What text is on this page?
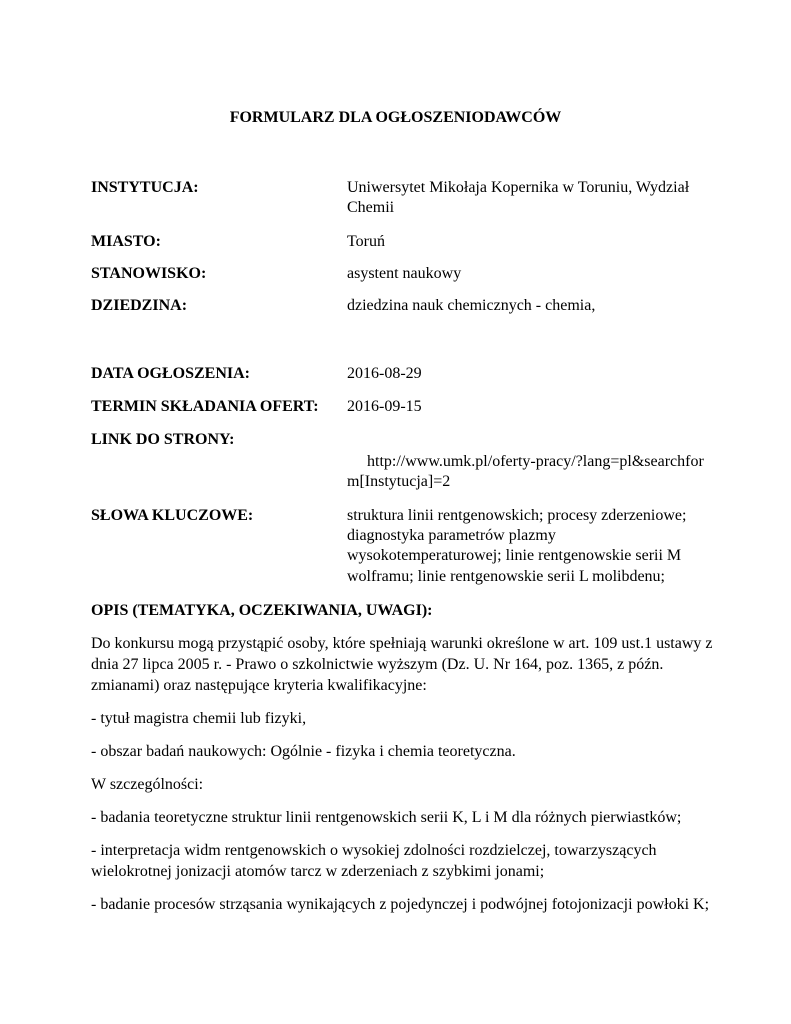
FORMULARZ DLA OGŁOSZENIODAWCÓW
INSTYTUCJA:	Uniwersytet Mikołaja Kopernika w Toruniu, Wydział
Chemii
MIASTO:	Toruń
STANOWISKO:	asystent naukowy
DZIEDZINA:	dziedzina nauk chemicznych - chemia,
DATA OGŁOSZENIA:	2016-08-29
TERMIN SKŁADANIA OFERT: 2016-09-15
LINK DO STRONY:
http://www.umk.pl/oferty-pracy/?lang=pl&searchfor
m[Instytucja]=2
SŁOWA KLUCZOWE:	struktura linii rentgenowskich; procesy zderzeniowe;
diagnostyka parametrów plazmy
wysokotemperaturowej; linie rentgenowskie serii M
wolframu; linie rentgenowskie serii L molibdenu;
OPIS (TEMATYKA, OCZEKIWANIA, UWAGI):
Do konkursu mogą przystąpić osoby, które spełniają warunki określone w art. 109 ust.1 ustawy z
dnia 27 lipca 2005 r. - Prawo o szkolnictwie wyższym (Dz. U. Nr 164, poz. 1365, z późn.
zmianami) oraz następujące kryteria kwalifikacyjne:
- tytuł magistra chemii lub fizyki,
- obszar badań naukowych: Ogólnie - fizyka i chemia teoretyczna.
W szczególności:
- badania teoretyczne struktur linii rentgenowskich serii K, L i M dla różnych pierwiastków;
- interpretacja widm rentgenowskich o wysokiej zdolności rozdzielczej, towarzyszących
wielokrotnej jonizacji atomów tarcz w zderzeniach z szybkimi jonami;
- badanie procesów strząsania wynikających z pojedynczej i podwójnej fotojonizacji powłoki K;
